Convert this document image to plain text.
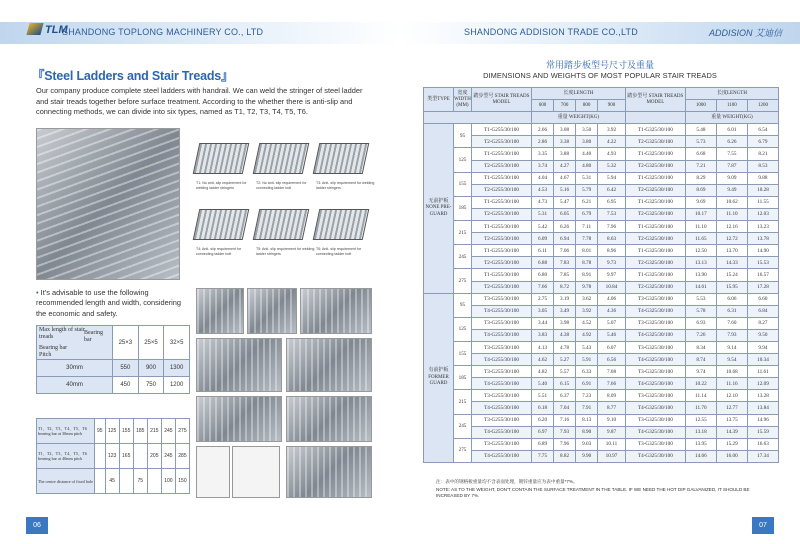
TLM
SHANDONG TOPLONG MACHINERY CO., LTD
『Steel Ladders and Stair Treads』
Our company produce complete steel ladders with handrail. We can weld the stringer of steel ladder and stair treads together before surface treatment. According to the whether there is anti-slip and connecting methods, we can divide into six types, named as T1, T2, T3, T4, T5, T6.
T1: No anti- slip requirement for welding ladder stringers
T2: No anti- slip requirement for connecting ladder bolt
T3: Anti- slip requirement for welding ladder stringers
T4: Anti- slip requirement for connecting ladder bolt
T5: Anti- slip requirement for welding ladder stringers
T6: Anti- slip requirement for connecting ladder bolt
• It’s advisable to use the following recommended length and width, considering the economic and safety.
Max length of stair treads
Bearing bar
Bearing bar Pitch	25×3	25×5	32×5
30mm	550	900	1300
40mm	450	750	1200
T1、T2、T3、T4、T5、T6 bearing bar at 30mm pitch	95	125	155	185	215	245	275
T1、T2、T3、T4、T5、T6 bearing bar at 40mm pitch		123	165		205	245	285
The centre distance of fixed hole		45		75		100	150
06
SHANDONG ADDISION TRADE CO.,LTD	ADDISION 艾迪信
常用踏步板型号尺寸及重量
DIMENSIONS AND WEIGHTS OF MOST POPULAR STAIR TREADS
类型TYPE	宽度 WIDTH (MM)	踏步型号 STAIR TREADS MODEL	长度LENGTH				踏步型号 STAIR TREADS MODEL	长度LENGTH		
			600	700	800	900		1000	1100	1200
			重量 WEIGHT(KG)					重量 WEIGHT(KG)		
无前护板 NONE PRE-GUARD	95	T1-G255/30/100	2.66	3.08	3.50	3.92	T1-G325/30/100	5.48	6.01	6.54
		T2-G255/30/100	2.86	3.38	3.80	4.22	T2-G325/30/100	5.73	6.26	6.79
	125	T1-G255/30/100	3.35	3.88	4.40	4.93	T1-G325/30/100	6.68	7.55	8.21
		T2-G255/30/100	3.74	4.27	4.80	5.32	T2-G325/30/100	7.21	7.87	8.53
	155	T1-G255/30/100	4.04	4.67	5.31	5.94	T1-G325/30/100	8.29	9.09	9.88
		T2-G255/30/100	4.53	5.16	5.79	6.42	T2-G325/30/100	8.69	9.49	10.28
	185	T1-G255/30/100	4.73	5.47	6.21	6.95	T1-G325/30/100	9.69	10.62	11.55
		T2-G255/30/100	5.31	6.05	6.79	7.53	T2-G325/30/100	10.17	11.10	12.03
	215	T1-G255/30/100	5.42	6.26	7.11	7.96	T1-G325/30/100	11.10	12.16	13.23
		T2-G255/30/100	6.09	6.94	7.78	8.63	T2-G325/30/100	11.65	12.72	13.78
	245	T1-G255/30/100	6.11	7.06	8.01	8.96	T1-G325/30/100	12.50	13.70	14.90
		T2-G255/30/100	6.88	7.83	8.78	9.73	T2-G325/30/100	13.13	14.33	15.53
	275	T1-G255/30/100	6.80	7.85	8.91	9.97	T1-G325/30/100	13.90	15.24	16.57
		T2-G255/30/100	7.66	8.72	9.78	10.84	T2-G325/30/100	14.61	15.95	17.28
有前护板 FORMER GUARD	95	T3-G255/30/100	2.75	3.19	3.62	4.06	T3-G325/30/100	5.53	6.06	6.60
		T4-G255/30/100	3.05	3.49	3.92	4.36	T4-G325/30/100	5.78	6.31	6.84
	125	T3-G255/30/100	3.44	3.98	4.52	5.07	T3-G325/30/100	6.93	7.60	8.27
		T4-G255/30/100	3.83	4.38	4.92	5.46	T4-G325/30/100	7.26	7.93	9.50
	155	T3-G255/30/100	4.13	4.78	5.43	6.07	T3-G325/30/100	8.34	9.14	9.94
		T4-G255/30/100	4.62	5.27	5.91	6.56	T4-G325/30/100	8.74	9.54	10.34
	185	T3-G255/30/100	4.82	5.57	6.33	7.08	T3-G325/30/100	9.74	10.68	11.61
		T4-G255/30/100	5.40	6.15	6.91	7.66	T4-G325/30/100	10.22	11.16	12.09
	215	T3-G255/30/100	5.51	6.37	7.23	8.09	T3-G325/30/100	11.14	12.10	13.28
		T4-G255/30/100	6.18	7.04	7.91	8.77	T4-G325/30/100	11.70	12.77	13.84
	245	T3-G255/30/100	6.20	7.16	8.13	9.10	T3-G325/30/100	12.55	13.75	14.96
		T4-G255/30/100	6.97	7.93	8.90	9.87	T4-G325/30/100	13.18	14.39	15.59
	275	T3-G255/30/100	6.89	7.96	9.03	10.11	T3-G325/30/100	13.95	15.29	16.63
		T4-G255/30/100	7.75	8.82	9.90	10.97	T4-G325/30/100	14.66	16.00	17.34
注：表中的钢格板重量均不含表面处理，镀锌重量应为表中重量*7%。
NOTE: AS TO THE WEIGHT, DON'T CONTAIN THE SURFACE TREATMENT IN THE TABLE. IF WE NEED THE HOT DIP GALVANIZED, IT SHOULD BE INCREASED BY 7%.
07
